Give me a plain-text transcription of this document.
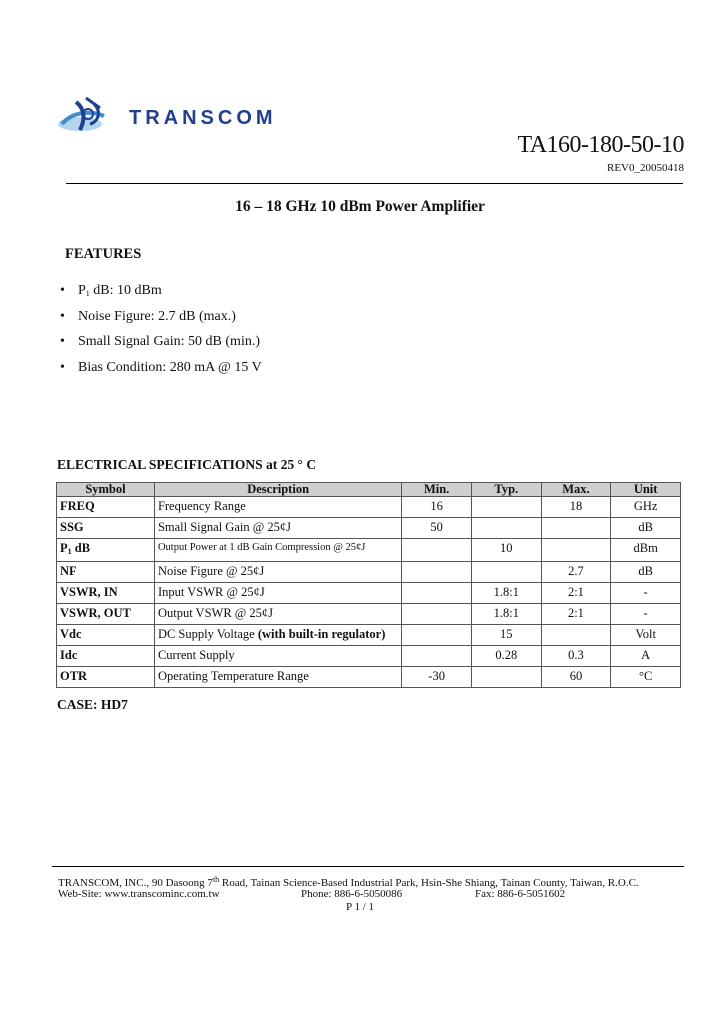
TRANSCOM
TA160-180-50-10
REV0_20050418
16 – 18 GHz 10 dBm Power Amplifier
FEATURES
• $P_1$ dB: 10 dBm
• Noise Figure: 2.7 dB (max.)
• Small Signal Gain: 50 dB (min.)
• Bias Condition: 280 mA @ 15 V
ELECTRICAL SPECIFICATIONS at 25 ° C
Symbol	Description	Min.	Typ.	Max.	Unit
FREQ	Frequency Range	16		18	GHz
SSG	Small Signal Gain @ 25¢J	50			dB
$P_1$ dB	Output Power at 1 dB Gain Compression @ 25¢J		10		dBm
NF	Noise Figure @ 25¢J			2.7	dB
VSWR, IN	Input VSWR @ 25¢J		1.8:1	2:1	-
VSWR, OUT	Output VSWR @ 25¢J		1.8:1	2:1	-
Vdc	DC Supply Voltage (with built-in regulator)		15		Volt
Idc	Current Supply		0.28	0.3	A
OTR	Operating Temperature Range	-30		60	°C
CASE: HD7
TRANSCOM, INC., 90 Dasoong 7th Road, Tainan Science-Based Industrial Park, Hsin-She Shiang, Tainan County, Taiwan, R.O.C.
Web-Site: www.transcominc.com.tw	Phone: 886-6-5050086	Fax: 886-6-5051602
P 1 / 1
